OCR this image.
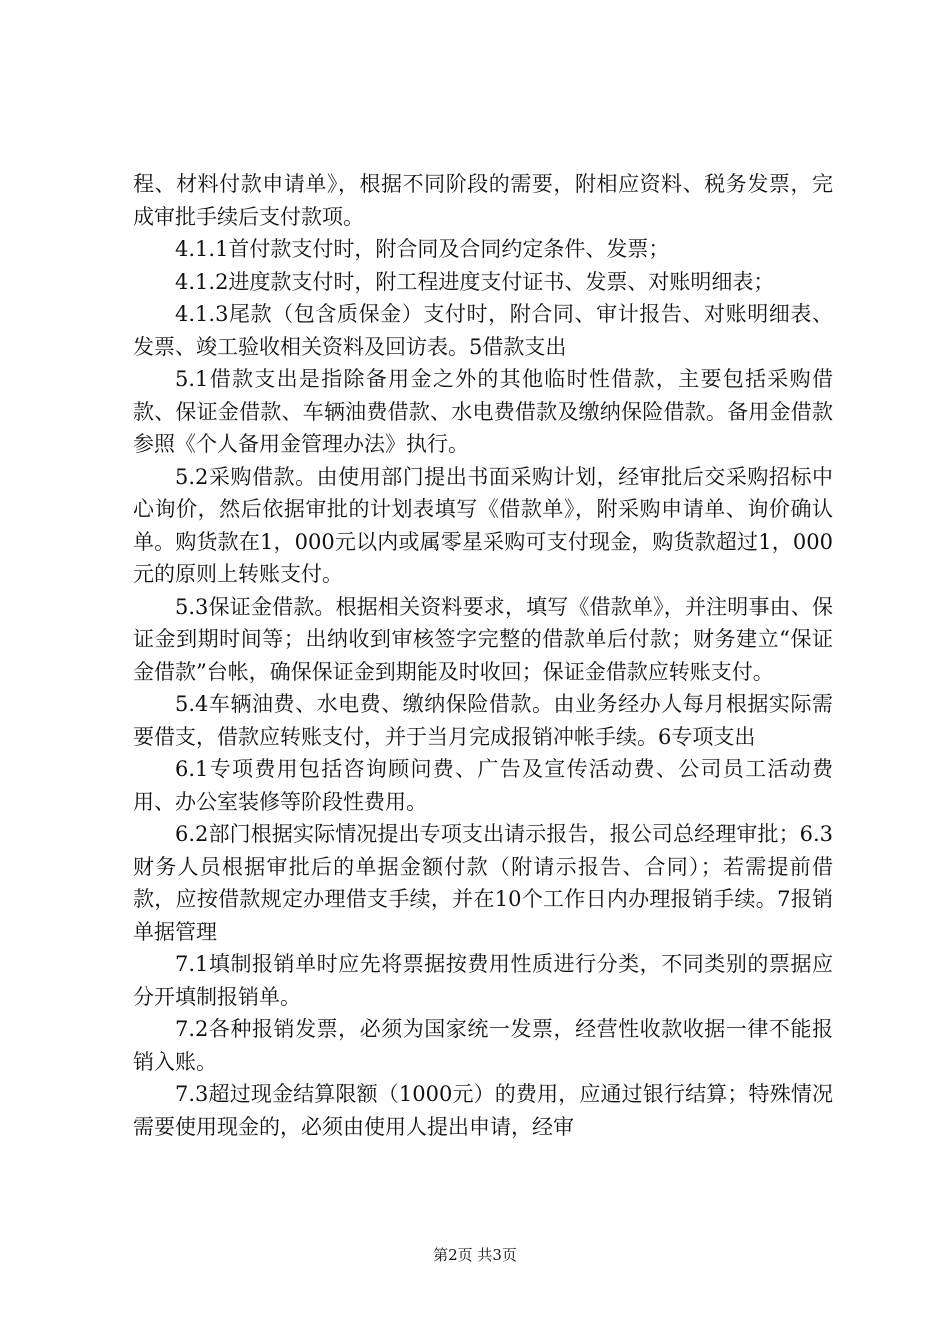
程、材料付款申请单》，根据不同阶段的需要，附相应资料、税务发票，完成审批手续后支付款项。

4.1.1首付款支付时，附合同及合同约定条件、发票；

4.1.2进度款支付时，附工程进度支付证书、发票、对账明细表；

4.1.3尾款（包含质保金）支付时，附合同、审计报告、对账明细表、发票、竣工验收相关资料及回访表。5借款支出

5.1借款支出是指除备用金之外的其他临时性借款，主要包括采购借款、保证金借款、车辆油费借款、水电费借款及缴纳保险借款。备用金借款参照《个人备用金管理办法》执行。

5.2采购借款。由使用部门提出书面采购计划，经审批后交采购招标中心询价，然后依据审批的计划表填写《借款单》，附采购申请单、询价确认单。购货款在1，000元以内或属零星采购可支付现金，购货款超过1，000元的原则上转账支付。

5.3保证金借款。根据相关资料要求，填写《借款单》，并注明事由、保证金到期时间等；出纳收到审核签字完整的借款单后付款；财务建立“保证金借款”台帐，确保保证金到期能及时收回；保证金借款应转账支付。

5.4车辆油费、水电费、缴纳保险借款。由业务经办人每月根据实际需要借支，借款应转账支付，并于当月完成报销冲帐手续。6专项支出

6.1专项费用包括咨询顾问费、广告及宣传活动费、公司员工活动费用、办公室装修等阶段性费用。

6.2部门根据实际情况提出专项支出请示报告，报公司总经理审批；6.3财务人员根据审批后的单据金额付款（附请示报告、合同）；若需提前借款，应按借款规定办理借支手续，并在10个工作日内办理报销手续。7报销单据管理

7.1填制报销单时应先将票据按费用性质进行分类，不同类别的票据应分开填制报销单。

7.2各种报销发票，必须为国家统一发票，经营性收款收据一律不能报销入账。

7.3超过现金结算限额（1000元）的费用，应通过银行结算；特殊情况需要使用现金的，必须由使用人提出申请，经审

第2页 共3页
